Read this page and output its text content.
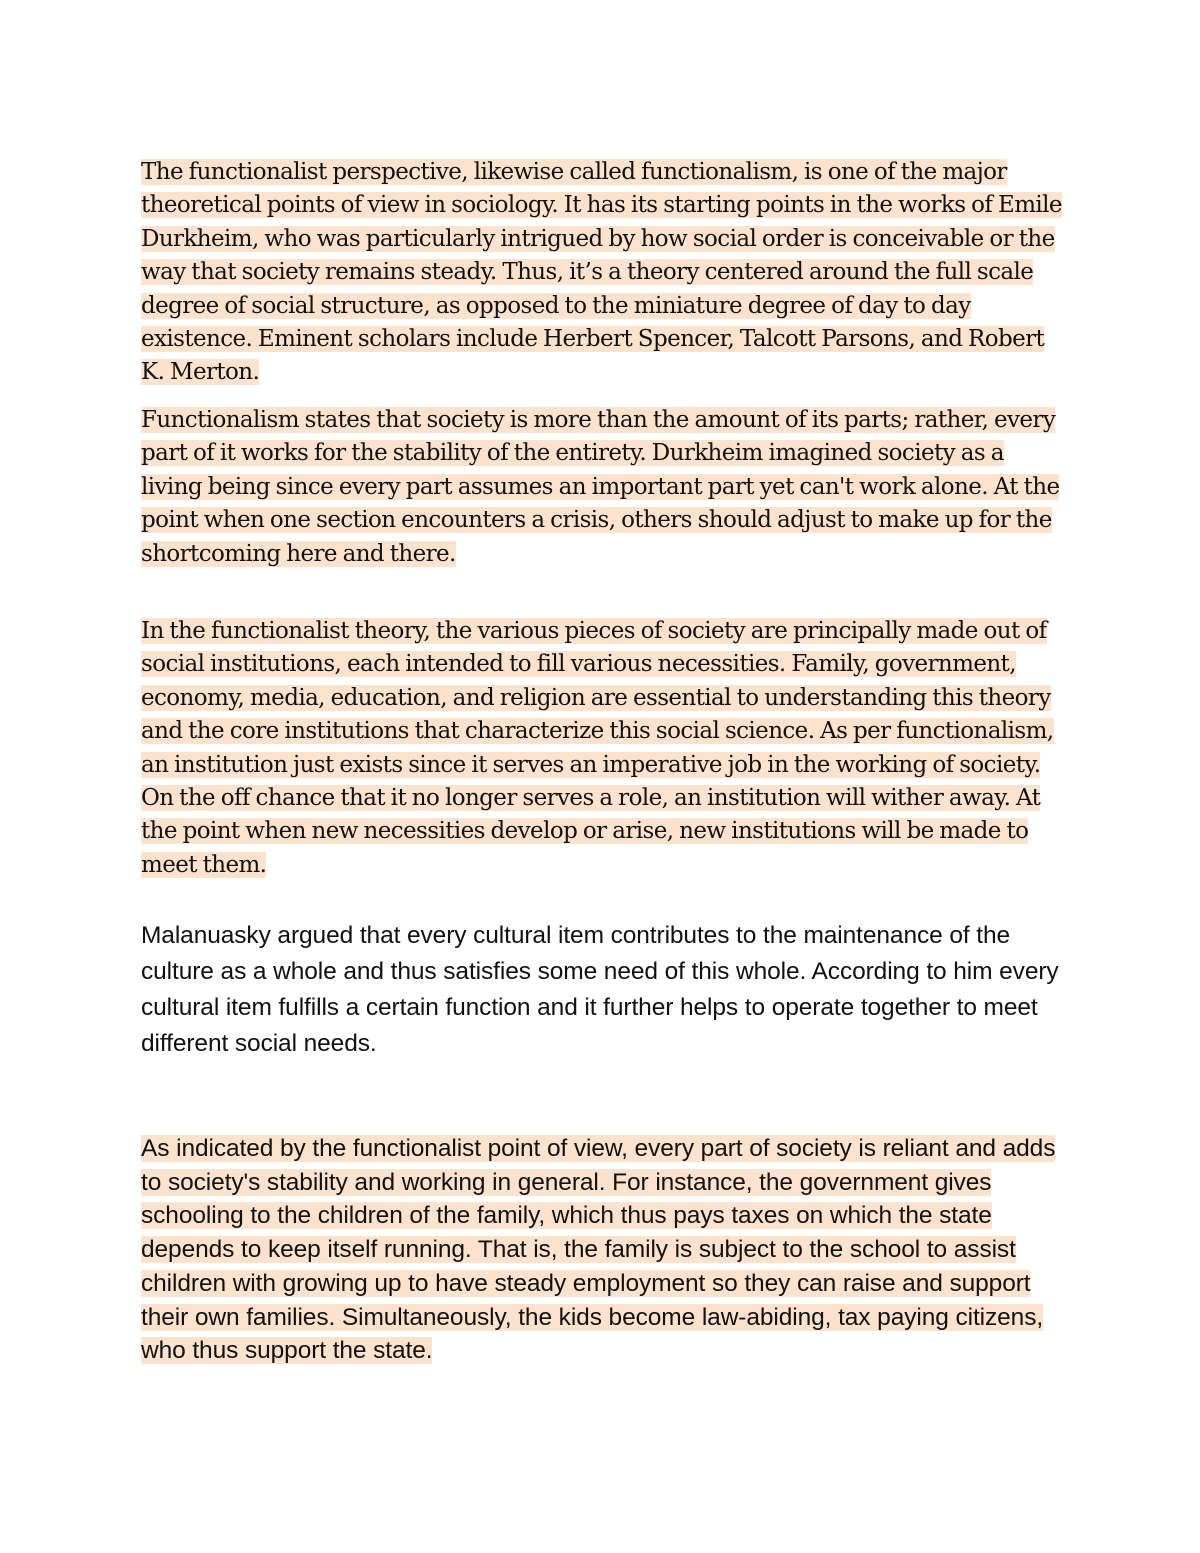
The functionalist perspective, likewise called functionalism, is one of the major theoretical points of view in sociology. It has its starting points in the works of Emile Durkheim, who was particularly intrigued by how social order is conceivable or the way that society remains steady. Thus, it’s a theory centered around the full scale degree of social structure, as opposed to the miniature degree of day to day existence. Eminent scholars include Herbert Spencer, Talcott Parsons, and Robert K. Merton.

Functionalism states that society is more than the amount of its parts; rather, every part of it works for the stability of the entirety. Durkheim imagined society as a living being since every part assumes an important part yet can't work alone. At the point when one section encounters a crisis, others should adjust to make up for the shortcoming here and there.

In the functionalist theory, the various pieces of society are principally made out of social institutions, each intended to fill various necessities. Family, government, economy, media, education, and religion are essential to understanding this theory and the core institutions that characterize this social science. As per functionalism, an institution just exists since it serves an imperative job in the working of society. On the off chance that it no longer serves a role, an institution will wither away. At the point when new necessities develop or arise, new institutions will be made to meet them.

Malanuasky argued that every cultural item contributes to the maintenance of the culture as a whole and thus satisfies some need of this whole. According to him every cultural item fulfills a certain function and it further helps to operate together to meet different social needs.

As indicated by the functionalist point of view, every part of society is reliant and adds to society's stability and working in general. For instance, the government gives schooling to the children of the family, which thus pays taxes on which the state depends to keep itself running. That is, the family is subject to the school to assist children with growing up to have steady employment so they can raise and support their own families. Simultaneously, the kids become law-abiding, tax paying citizens, who thus support the state.
